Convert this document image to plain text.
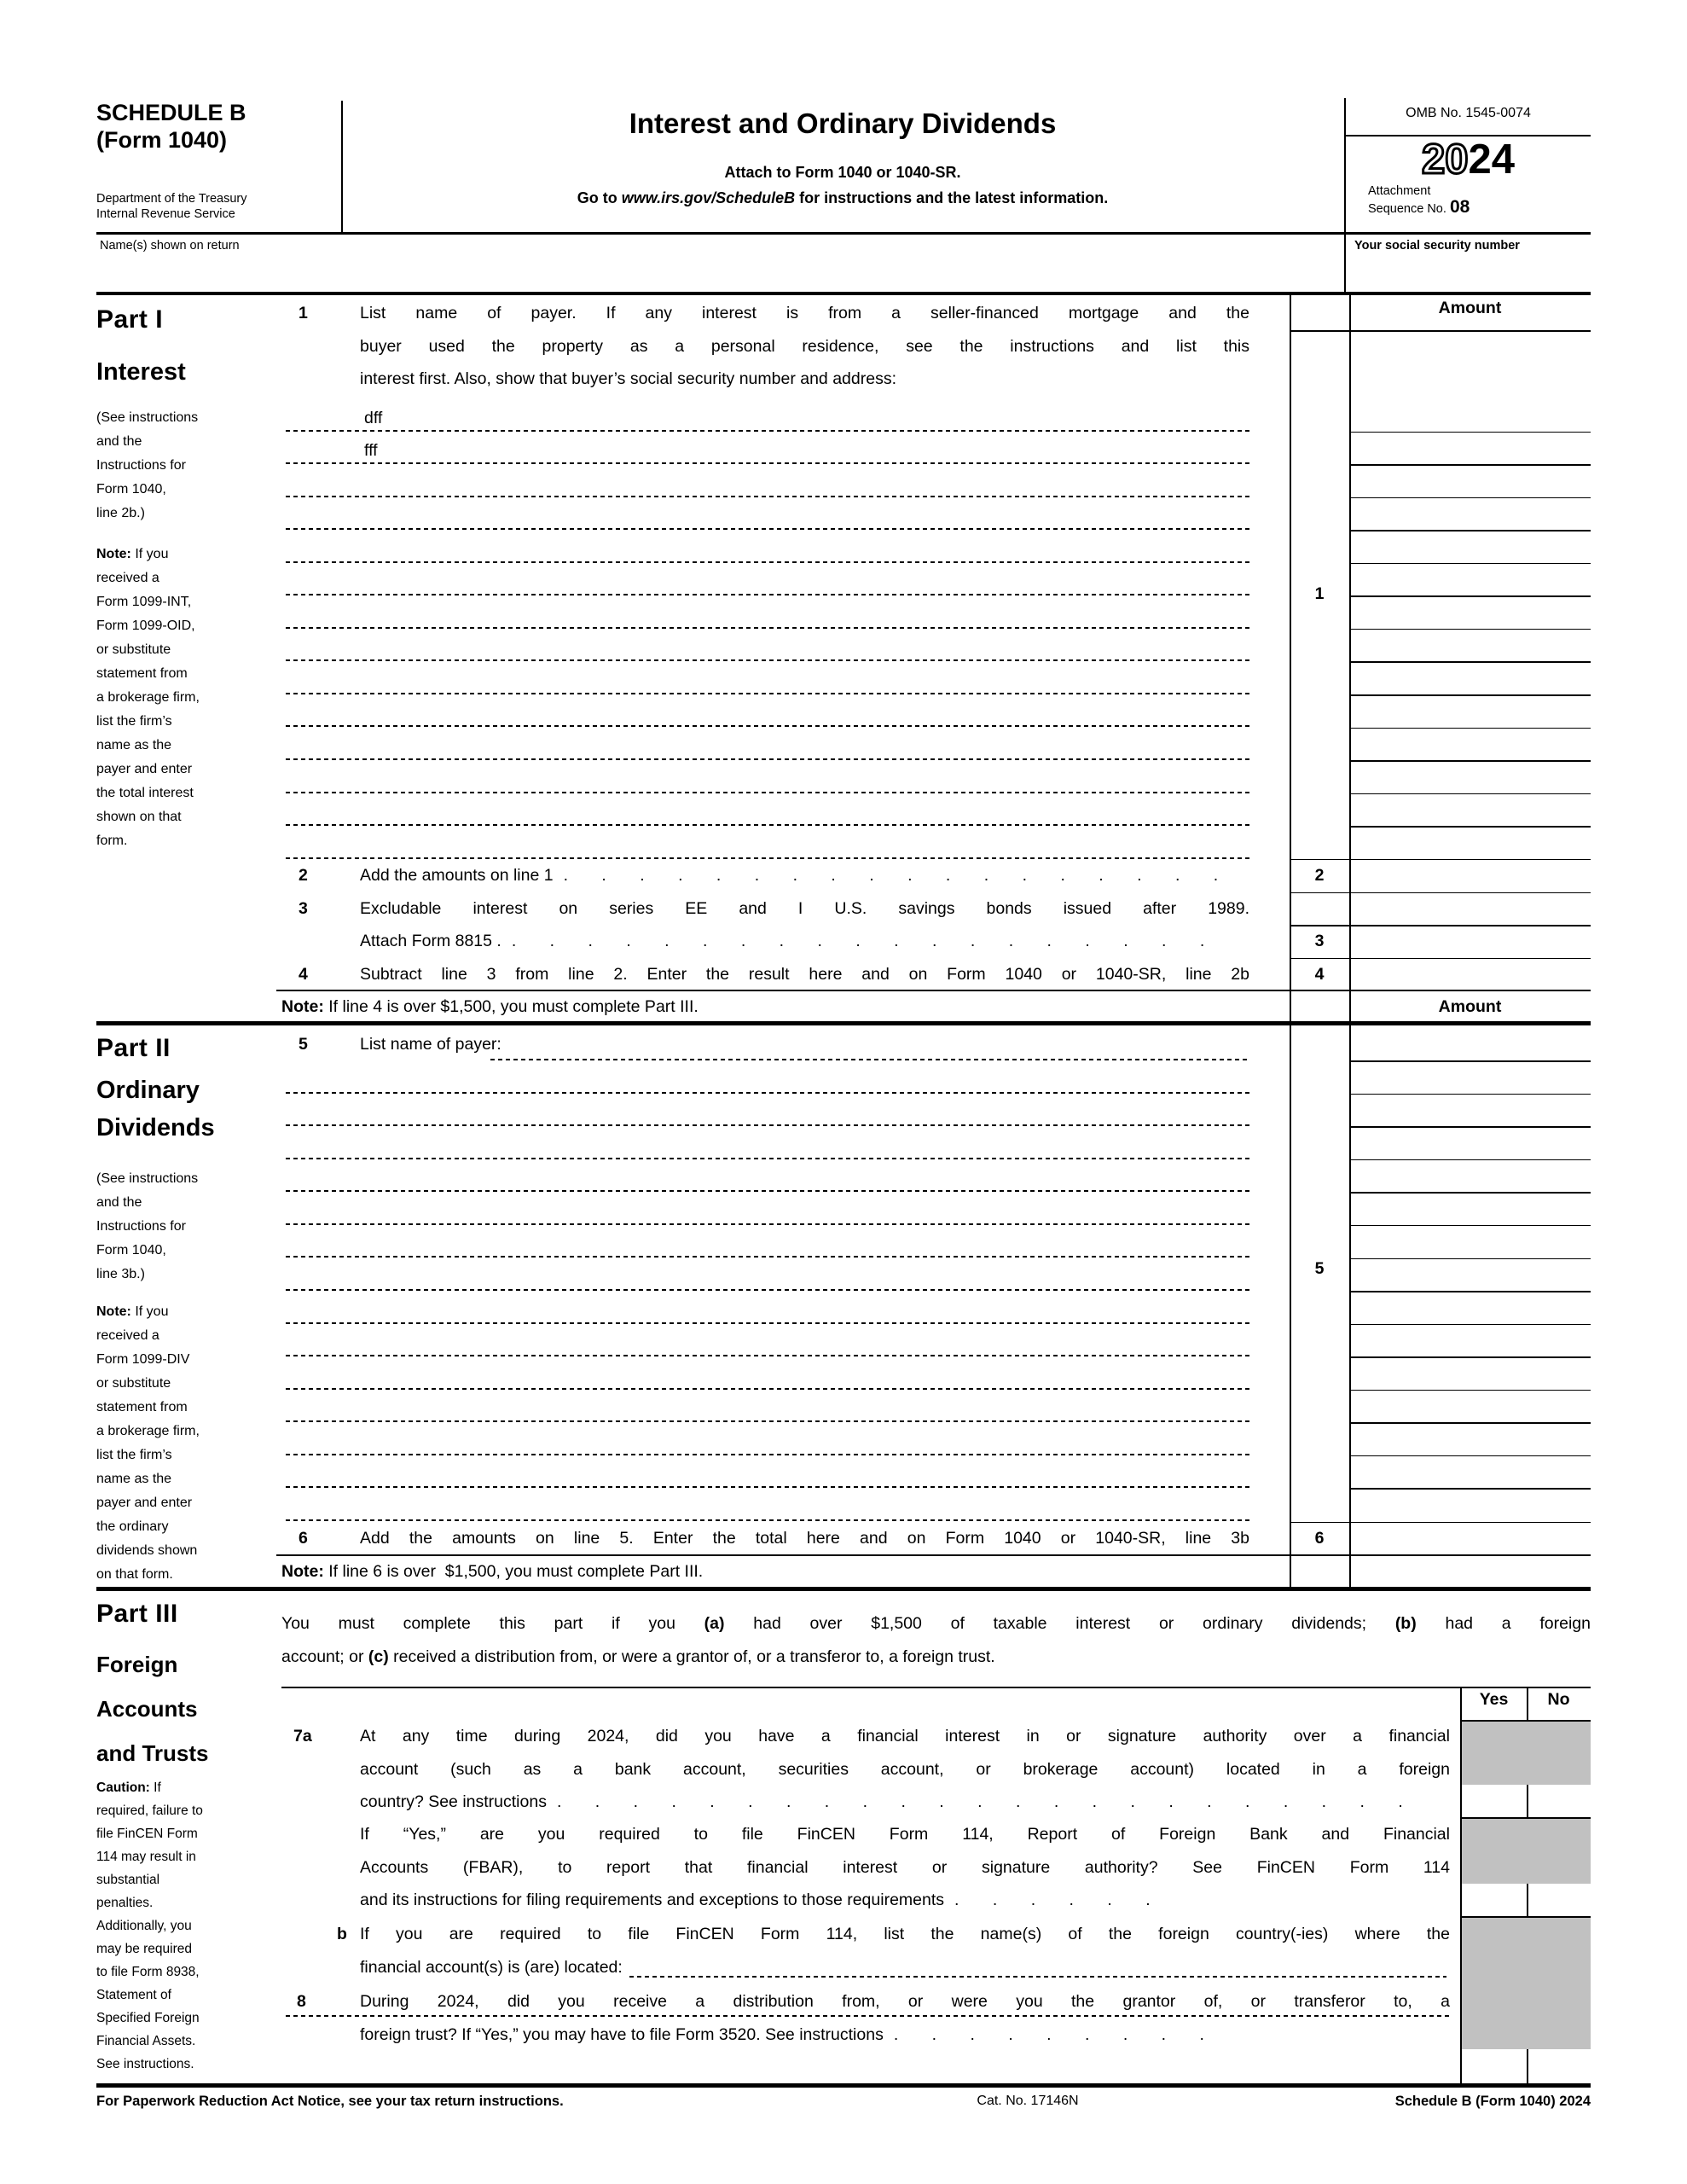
SCHEDULE B
(Form 1040)
Department of the Treasury
Internal Revenue Service
Interest and Ordinary Dividends
Attach to Form 1040 or 1040-SR.
Go to www.irs.gov/ScheduleB for instructions and the latest information.
OMB No. 1545-0074
2024
Attachment
Sequence No. 08
Name(s) shown on return	Your social security number
Part I
Interest
(See instructions
and the
Instructions for
Form 1040,
line 2b.)
Note: If you
received a
Form 1099-INT,
Form 1099-OID,
or substitute
statement from
a brokerage firm,
list the firm’s
name as the
payer and enter
the total interest
shown on that
form.
1	List name of payer. If any interest is from a seller-financed mortgage and the
buyer used the property as a personal residence, see the instructions and list this
interest first. Also, show that buyer’s social security number and address:
dff
fff
Amount
1
2	Add the amounts on line 1 . . . . . . . . . . . . . . . . . .	2
3	Excludable interest on series EE and I U.S. savings bonds issued after 1989.
Attach Form 8815 . . . . . . . . . . . . . . . . . . . .	3
4	Subtract line 3 from line 2. Enter the result here and on Form 1040 or 1040-SR, line 2b	4
Note: If line 4 is over $1,500, you must complete Part III.	Amount
Part II
Ordinary
Dividends
(See instructions
and the
Instructions for
Form 1040,
line 3b.)
Note: If you
received a
Form 1099-DIV
or substitute
statement from
a brokerage firm,
list the firm’s
name as the
payer and enter
the ordinary
dividends shown
on that form.
5	List name of payer:
5
6	Add the amounts on line 5. Enter the total here and on Form 1040 or 1040-SR, line 3b	6
Note: If line 6 is over  $1,500, you must complete Part III.
Part III
Foreign
Accounts
and Trusts
Caution: If
required, failure to
file FinCEN Form
114 may result in
substantial
penalties.
Additionally, you
may be required
to file Form 8938,
Statement of
Specified Foreign
Financial Assets.
See instructions.
You must complete this part if you (a) had over $1,500 of taxable interest or ordinary dividends; (b) had a foreign
account; or (c) received a distribution from, or were a grantor of, or a transferor to, a foreign trust.
Yes	No
7a	At any time during 2024, did you have a financial interest in or signature authority over a financial
account (such as a bank account, securities account, or brokerage account) located in a foreign
country? See instructions . . . . . . . . . . . . . . . . . . . . . . .
If “Yes,” are you required to file FinCEN Form 114, Report of Foreign Bank and Financial
Accounts (FBAR), to report that financial interest or signature authority? See FinCEN Form 114
and its instructions for filing requirements and exceptions to those requirements . . . . . .
b If you are required to file FinCEN Form 114, list the name(s) of the foreign country(-ies) where the
financial account(s) is (are) located:
8	During 2024, did you receive a distribution from, or were you the grantor of, or transferor to, a
foreign trust? If “Yes,” you may have to file Form 3520. See instructions . . . . . . . . .
For Paperwork Reduction Act Notice, see your tax return instructions.	Cat. No. 17146N	Schedule B (Form 1040) 2024
